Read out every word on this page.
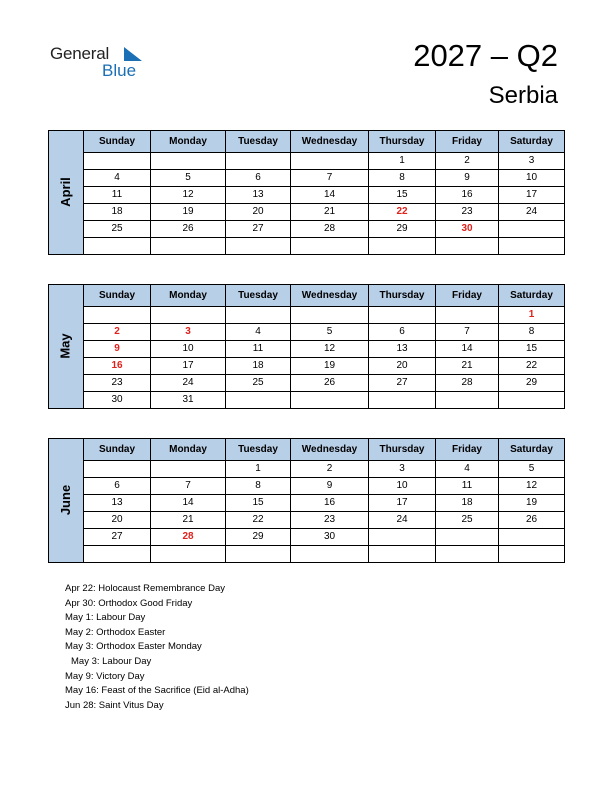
General
Blue	2027 – Q2
Serbia
April	Sunday	Monday	Tuesday	Wednesday	Thursday	Friday	Saturday
					1	2	3
	4	5	6	7	8	9	10
	11	12	13	14	15	16	17
	18	19	20	21	22	23	24
	25	26	27	28	29	30	

May	Sunday	Monday	Tuesday	Wednesday	Thursday	Friday	Saturday
							1
	2	3	4	5	6	7	8
	9	10	11	12	13	14	15
	16	17	18	19	20	21	22
	23	24	25	26	27	28	29
	30	31					
June	Sunday	Monday	Tuesday	Wednesday	Thursday	Friday	Saturday
			1	2	3	4	5
	6	7	8	9	10	11	12
	13	14	15	16	17	18	19
	20	21	22	23	24	25	26
	27	28	29	30			

Apr 22: Holocaust Remembrance Day
Apr 30: Orthodox Good Friday
May 1: Labour Day
May 2: Orthodox Easter
May 3: Orthodox Easter Monday
May 3: Labour Day
May 9: Victory Day
May 16: Feast of the Sacrifice (Eid al-Adha)
Jun 28: Saint Vitus Day
